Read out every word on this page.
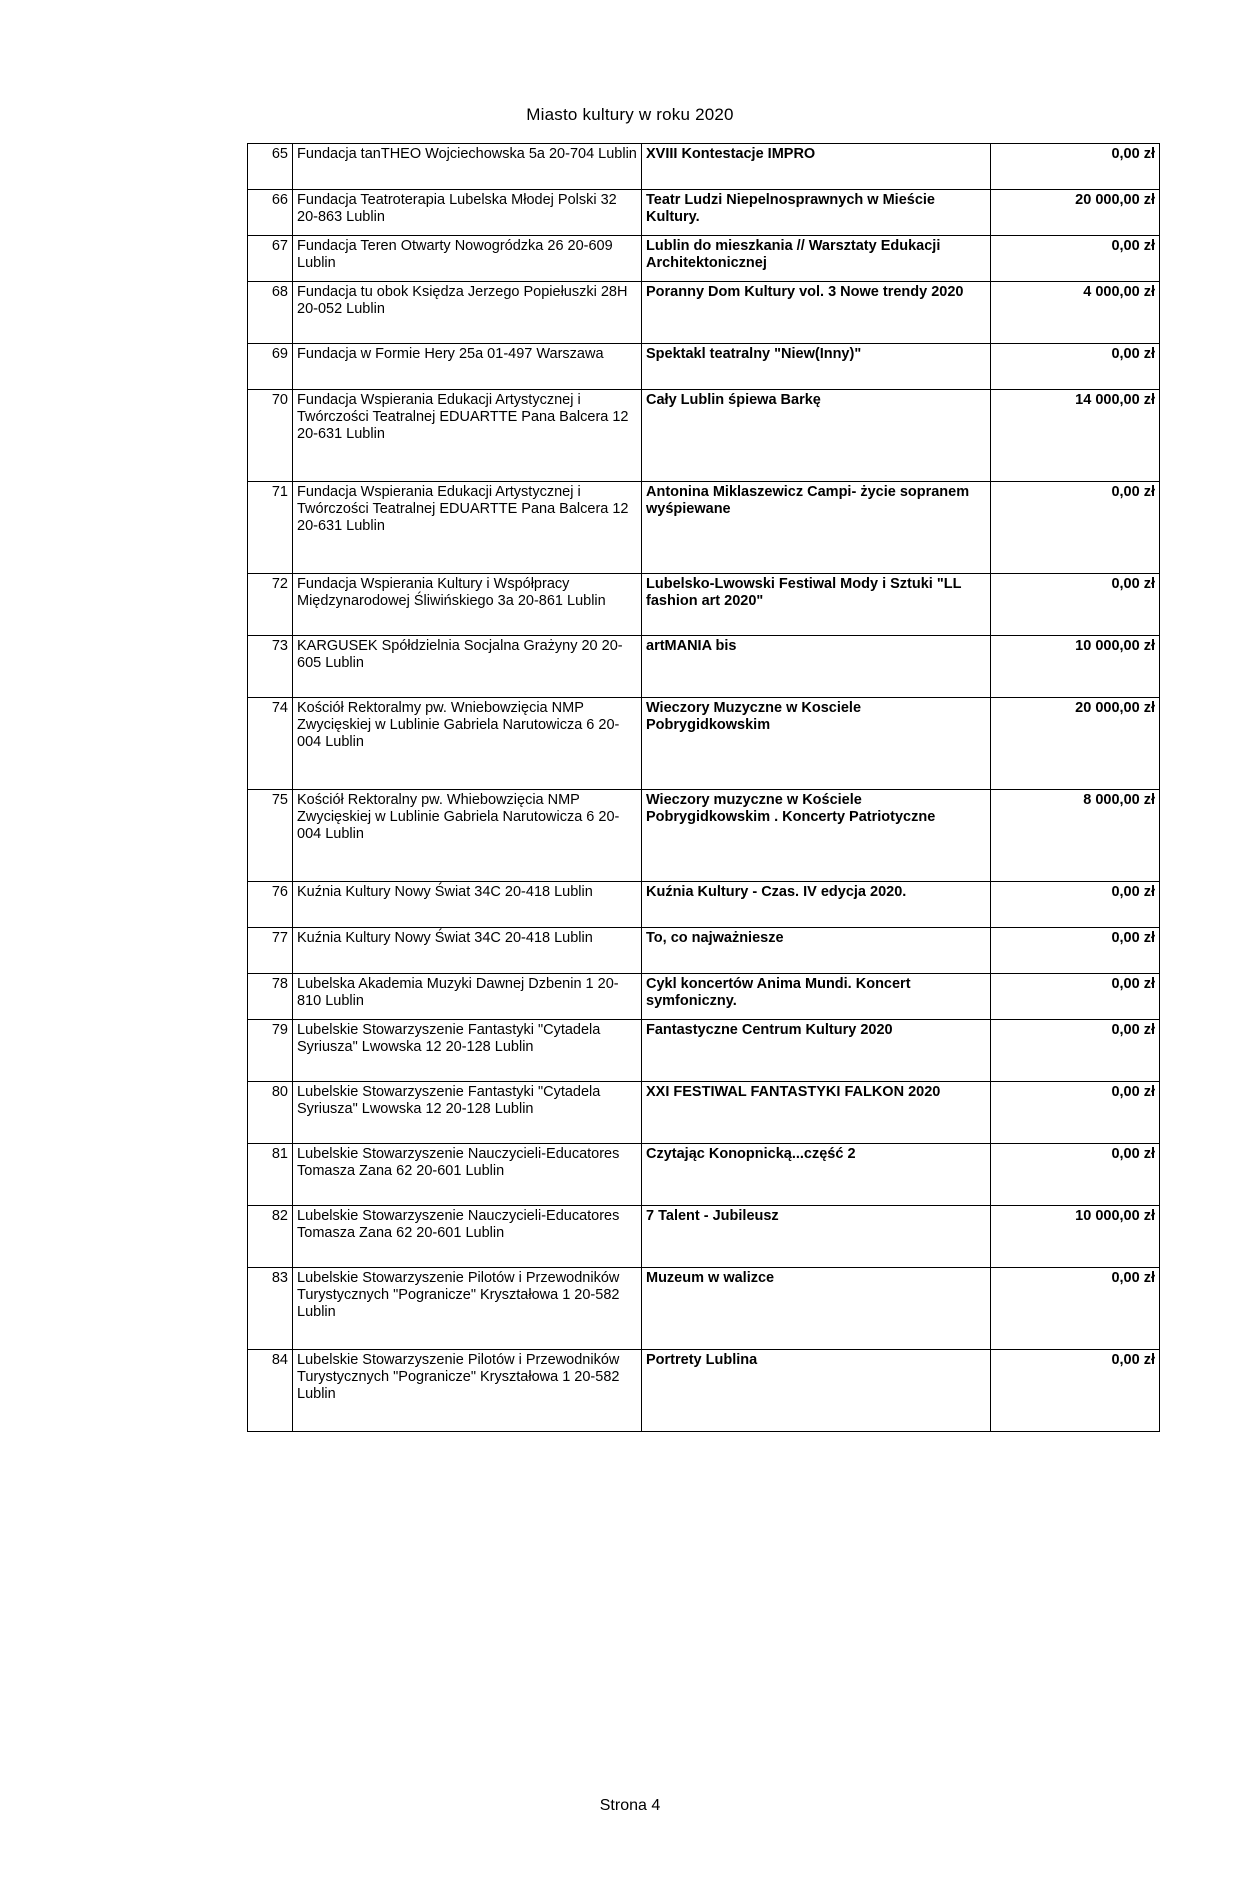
Miasto kultury w roku 2020
65	Fundacja tanTHEO Wojciechowska 5a 20-704 Lublin	XVIII Kontestacje IMPRO	0,00 zł
66	Fundacja Teatroterapia Lubelska Młodej Polski 32 20-863 Lublin	Teatr Ludzi Niepelnosprawnych w Mieście Kultury.	20 000,00 zł
67	Fundacja Teren Otwarty Nowogródzka 26 20-609 Lublin	Lublin do mieszkania // Warsztaty Edukacji Architektonicznej	0,00 zł
68	Fundacja tu obok Księdza Jerzego Popiełuszki 28H 20-052 Lublin	Poranny Dom Kultury vol. 3 Nowe trendy 2020	4 000,00 zł
69	Fundacja w Formie Hery 25a 01-497 Warszawa	Spektakl teatralny "Niew(Inny)"	0,00 zł
70	Fundacja Wspierania Edukacji Artystycznej i Twórczości Teatralnej EDUARTTE Pana Balcera 12 20-631 Lublin	Cały Lublin śpiewa Barkę	14 000,00 zł
71	Fundacja Wspierania Edukacji Artystycznej i Twórczości Teatralnej EDUARTTE Pana Balcera 12 20-631 Lublin	Antonina Miklaszewicz Campi- życie sopranem wyśpiewane	0,00 zł
72	Fundacja Wspierania Kultury i Współpracy Międzynarodowej Śliwińskiego 3a 20-861 Lublin	Lubelsko-Lwowski Festiwal Mody i Sztuki "LL fashion art 2020"	0,00 zł
73	KARGUSEK Spółdzielnia Socjalna Grażyny 20 20-605 Lublin	artMANIA bis	10 000,00 zł
74	Kościół Rektoralmy pw. Wniebowzięcia NMP Zwycięskiej w Lublinie Gabriela Narutowicza 6 20-004 Lublin	Wieczory Muzyczne w Kosciele Pobrygidkowskim	20 000,00 zł
75	Kościół Rektoralny pw. Whiebowzięcia NMP Zwycięskiej w Lublinie Gabriela Narutowicza 6 20-004 Lublin	Wieczory muzyczne w Kościele Pobrygidkowskim . Koncerty Patriotyczne	8 000,00 zł
76	Kuźnia Kultury Nowy Świat 34C 20-418 Lublin	Kuźnia Kultury - Czas. IV edycja 2020.	0,00 zł
77	Kuźnia Kultury Nowy Świat 34C 20-418 Lublin	To, co najważniesze	0,00 zł
78	Lubelska Akademia Muzyki Dawnej Dzbenin 1 20-810 Lublin	Cykl koncertów Anima Mundi. Koncert symfoniczny.	0,00 zł
79	Lubelskie Stowarzyszenie Fantastyki "Cytadela Syriusza" Lwowska 12 20-128 Lublin	Fantastyczne Centrum Kultury 2020	0,00 zł
80	Lubelskie Stowarzyszenie Fantastyki "Cytadela Syriusza" Lwowska 12 20-128 Lublin	XXI FESTIWAL FANTASTYKI FALKON 2020	0,00 zł
81	Lubelskie Stowarzyszenie Nauczycieli-Educatores Tomasza Zana 62 20-601 Lublin	Czytając Konopnicką...część 2	0,00 zł
82	Lubelskie Stowarzyszenie Nauczycieli-Educatores Tomasza Zana 62 20-601 Lublin	7 Talent - Jubileusz	10 000,00 zł
83	Lubelskie Stowarzyszenie Pilotów i Przewodników Turystycznych "Pogranicze" Kryształowa 1 20-582 Lublin	Muzeum w walizce	0,00 zł
84	Lubelskie Stowarzyszenie Pilotów i Przewodników Turystycznych "Pogranicze" Kryształowa 1 20-582 Lublin	Portrety Lublina	0,00 zł
Strona 4
